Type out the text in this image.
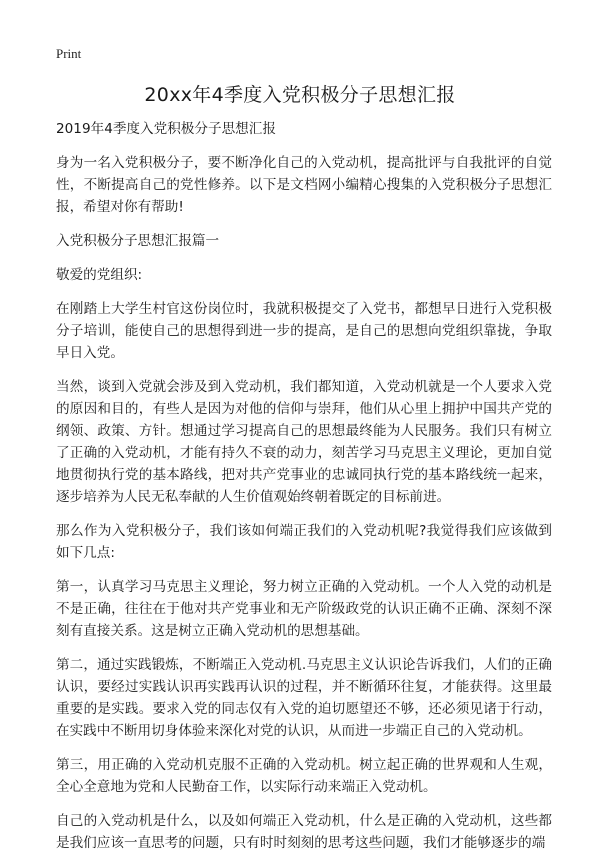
Print
20xx年4季度入党积极分子思想汇报

2019年4季度入党积极分子思想汇报

身为一名入党积极分子，要不断净化自己的入党动机，提高批评与自我批评的自觉性，不断提高自己的党性修养。以下是文档网小编精心搜集的入党积极分子思想汇报，希望对你有帮助!

入党积极分子思想汇报篇一

敬爱的党组织:

在刚踏上大学生村官这份岗位时，我就积极提交了入党书，都想早日进行入党积极分子培训，能使自己的思想得到进一步的提高，是自己的思想向党组织靠拢，争取早日入党。

当然，谈到入党就会涉及到入党动机，我们都知道，入党动机就是一个人要求入党的原因和目的，有些人是因为对他的信仰与崇拜，他们从心里上拥护中国共产党的纲领、政策、方针。想通过学习提高自己的思想最终能为人民服务。我们只有树立了正确的入党动机，才能有持久不衰的动力，刻苦学习马克思主义理论，更加自觉地贯彻执行党的基本路线，把对共产党事业的忠诚同执行党的基本路线统一起来，逐步培养为人民无私奉献的人生价值观始终朝着既定的目标前进。

那么作为入党积极分子，我们该如何端正我们的入党动机呢?我觉得我们应该做到如下几点:

第一，认真学习马克思主义理论，努力树立正确的入党动机。一个人入党的动机是不是正确，往往在于他对共产党事业和无产阶级政党的认识正确不正确、深刻不深刻有直接关系。这是树立正确入党动机的思想基础。

第二，通过实践锻炼，不断端正入党动机.马克思主义认识论告诉我们，人们的正确认识，要经过实践认识再实践再认识的过程，并不断循环往复，才能获得。这里最重要的是实践。要求入党的同志仅有入党的迫切愿望还不够，还必须见诸于行动，在实践中不断用切身体验来深化对党的认识，从而进一步端正自己的入党动机。

第三，用正确的入党动机克服不正确的入党动机。树立起正确的世界观和人生观，全心全意地为党和人民勤奋工作，以实际行动来端正入党动机。

自己的入党动机是什么，以及如何端正入党动机，什么是正确的入党动机，这些都是我们应该一直思考的问题，只有时时刻刻的思考这些问题，我们才能够逐步的端
